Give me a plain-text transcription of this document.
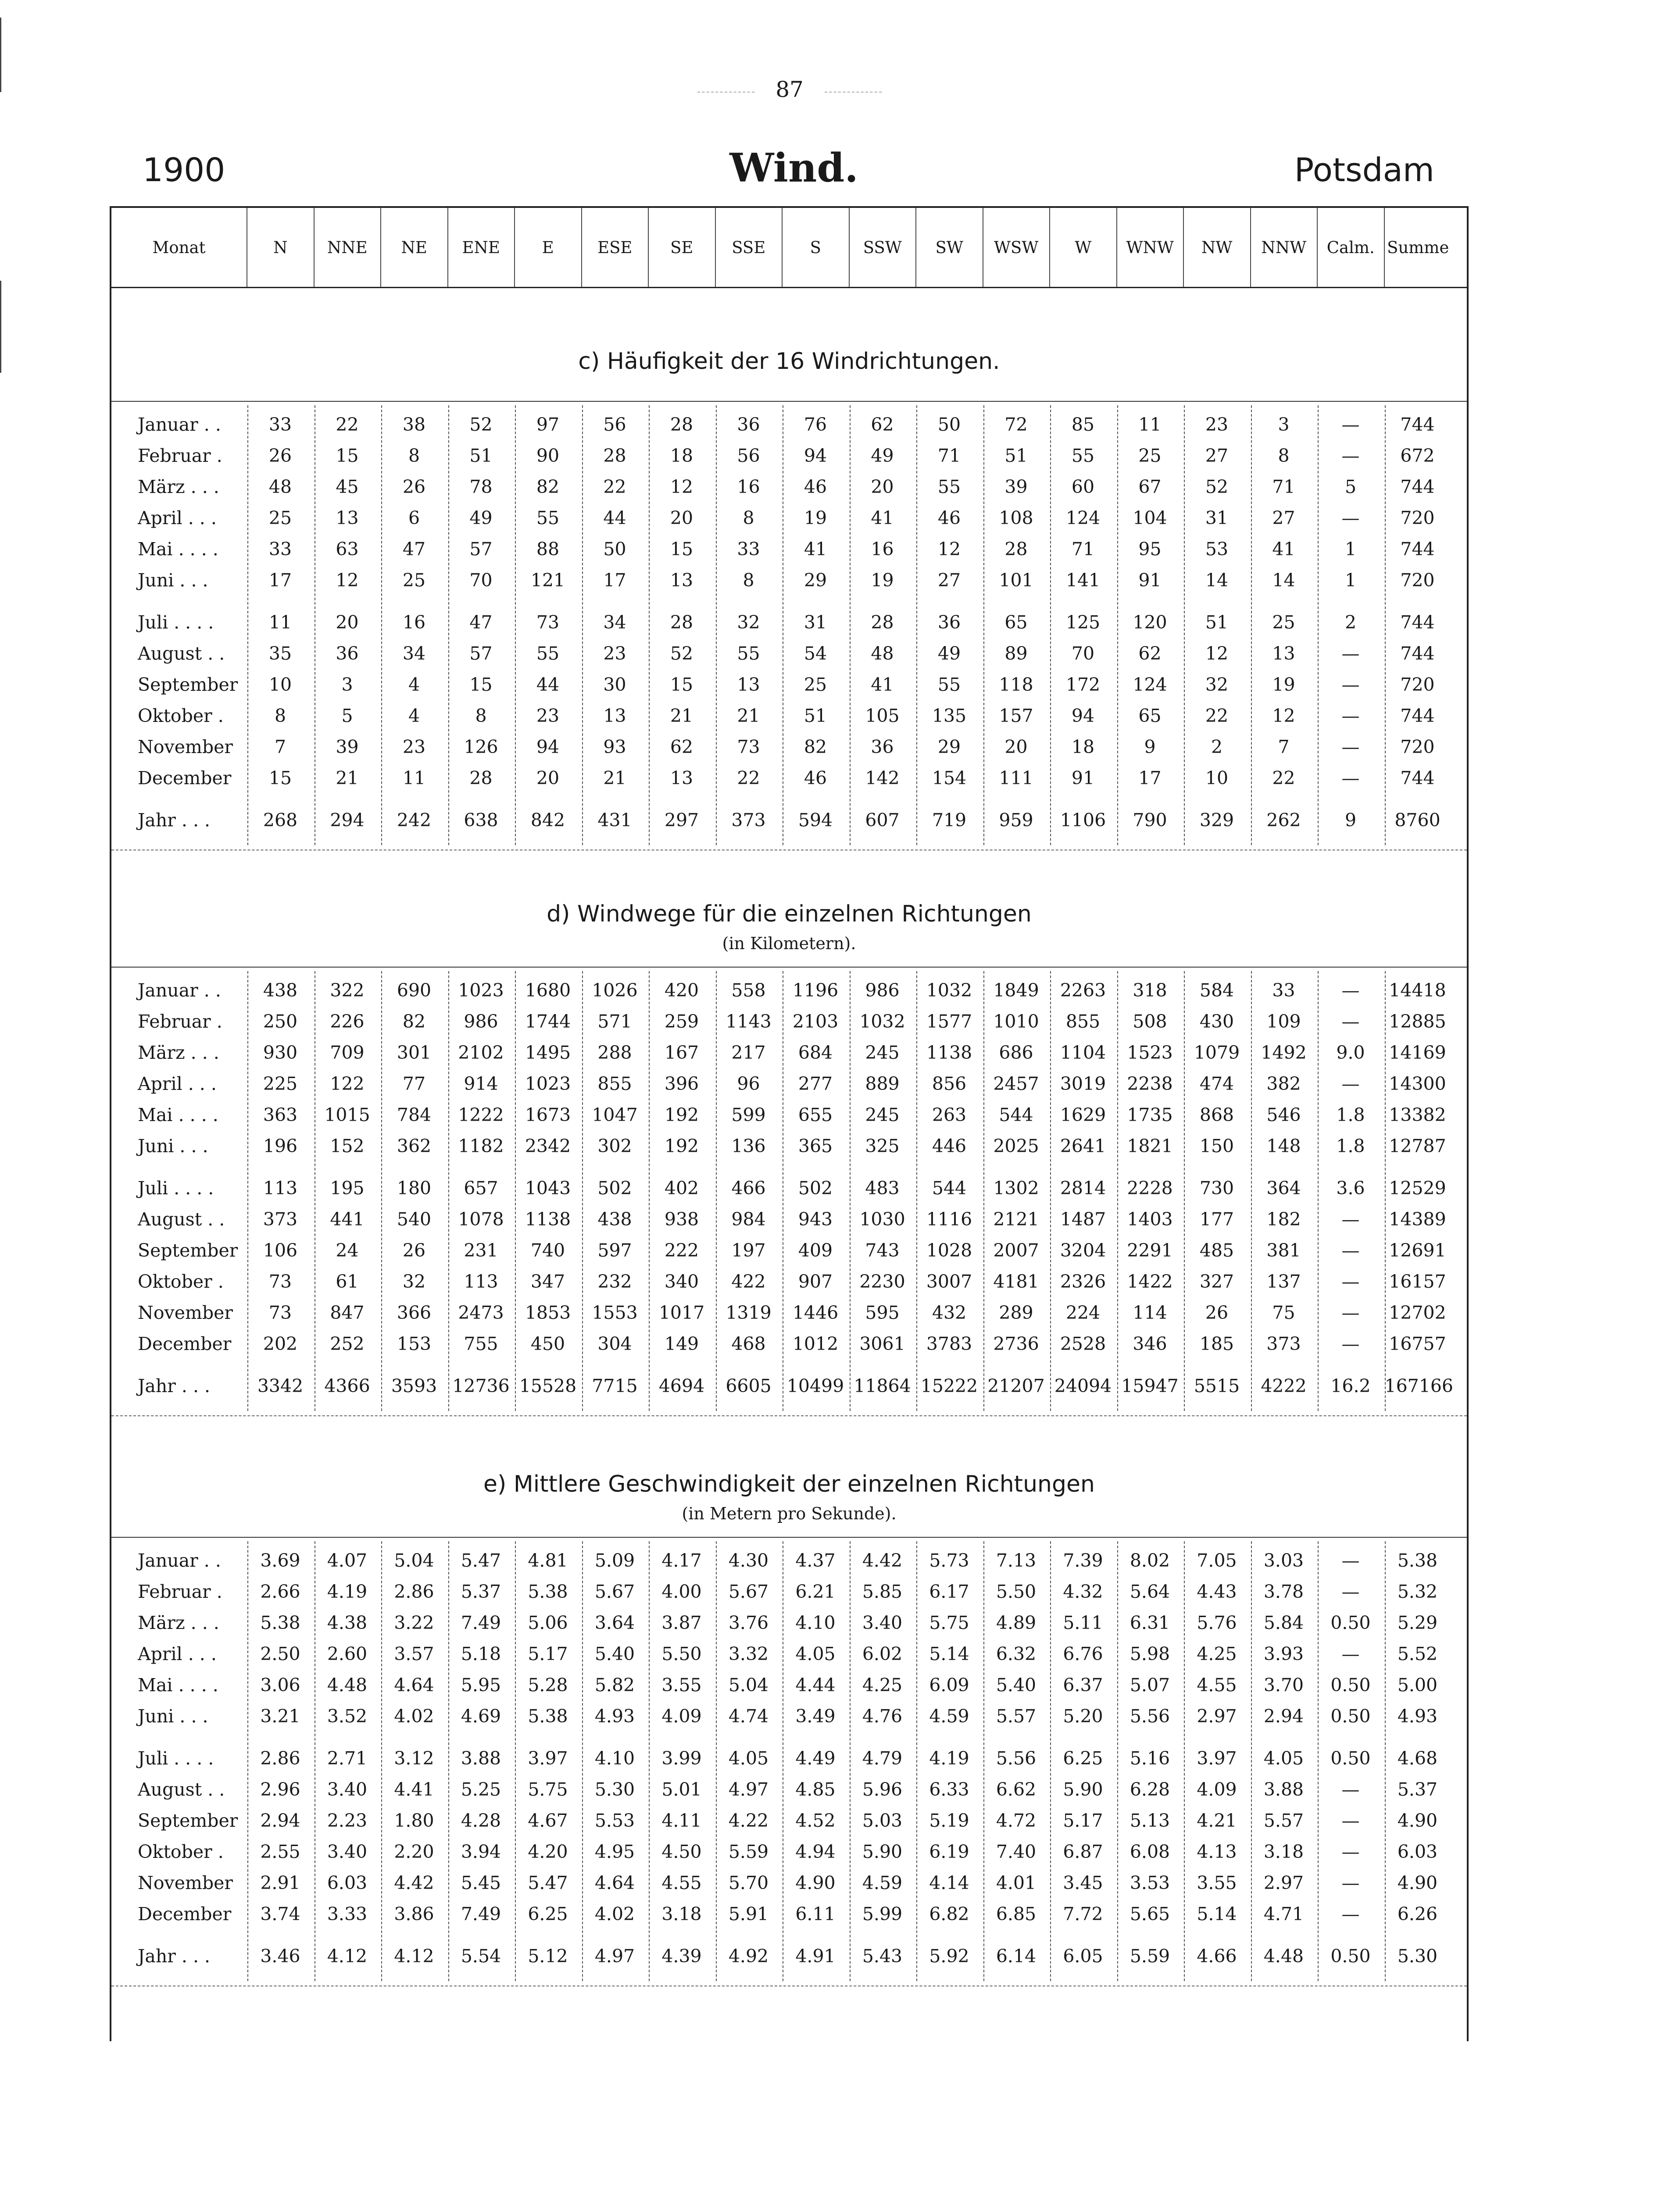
87
1900	Wind.	Potsdam
Monat	N	NNE	NE	ENE	E	ESE	SE	SSE	S	SSW	SW	WSW	W	WNW	NW	NNW	Calm. Summe
c) Häufigkeit der 16 Windrichtungen.
Januar . .	33	22	38	52	97	56	28	36	76	62	50	72	85	11	23	3	—	744
Februar .	26	15	8	51	90	28	18	56	94	49	71	51	55	25	27	8	—	672
März . . .	48	45	26	78	82	22	12	16	46	20	55	39	60	67	52	71	5	744
April . . .	25	13	6	49	55	44	20	8	19	41	46	108	124	104	31	27	—	720
Mai . . . .	33	63	47	57	88	50	15	33	41	16	12	28	71	95	53	41	1	744
Juni . . .	17	12	25	70	121	17	13	8	29	19	27	101	141	91	14	14	1	720
Juli . . . .	11	20	16	47	73	34	28	32	31	28	36	65	125	120	51	25	2	744
August . .	35	36	34	57	55	23	52	55	54	48	49	89	70	62	12	13	—	744
September	10	3	4	15	44	30	15	13	25	41	55	118	172	124	32	19	—	720
Oktober .	8	5	4	8	23	13	21	21	51	105	135	157	94	65	22	12	—	744
November	7	39	23	126	94	93	62	73	82	36	29	20	18	9	2	7	—	720
December	15	21	11	28	20	21	13	22	46	142	154	111	91	17	10	22	—	744
Jahr . . .	268	294	242	638	842	431	297	373	594	607	719	959	1106	790	329	262	9	8760
d) Windwege für die einzelnen Richtungen
(in Kilometern).
Januar . .	438	322	690	1023	1680	1026	420	558	1196	986	1032	1849	2263	318	584	33	—	14418
Februar .	250	226	82	986	1744	571	259	1143	2103	1032	1577	1010	855	508	430	109	—	12885
März . . .	930	709	301	2102	1495	288	167	217	684	245	1138	686	1104	1523	1079	1492	9.0	14169
April . . .	225	122	77	914	1023	855	396	96	277	889	856	2457	3019	2238	474	382	—	14300
Mai . . . .	363	1015	784	1222	1673	1047	192	599	655	245	263	544	1629	1735	868	546	1.8	13382
Juni . . .	196	152	362	1182	2342	302	192	136	365	325	446	2025	2641	1821	150	148	1.8	12787
Juli . . . .	113	195	180	657	1043	502	402	466	502	483	544	1302	2814	2228	730	364	3.6	12529
August . .	373	441	540	1078	1138	438	938	984	943	1030	1116	2121	1487	1403	177	182	—	14389
September	106	24	26	231	740	597	222	197	409	743	1028	2007	3204	2291	485	381	—	12691
Oktober .	73	61	32	113	347	232	340	422	907	2230	3007	4181	2326	1422	327	137	—	16157
November	73	847	366	2473	1853	1553	1017	1319	1446	595	432	289	224	114	26	75	—	12702
December	202	252	153	755	450	304	149	468	1012	3061	3783	2736	2528	346	185	373	—	16757
Jahr . . .	3342	4366	3593 12736 15528 7715	4694	6605 10499 11864 15222 21207 24094 15947 5515	4222	16.2 167166
e) Mittlere Geschwindigkeit der einzelnen Richtungen
(in Metern pro Sekunde).
Januar . .	3.69	4.07	5.04	5.47	4.81	5.09	4.17	4.30	4.37	4.42	5.73	7.13	7.39	8.02	7.05	3.03	—	5.38
Februar .	2.66	4.19	2.86	5.37	5.38	5.67	4.00	5.67	6.21	5.85	6.17	5.50	4.32	5.64	4.43	3.78	—	5.32
März . . .	5.38	4.38	3.22	7.49	5.06	3.64	3.87	3.76	4.10	3.40	5.75	4.89	5.11	6.31	5.76	5.84	0.50	5.29
April . . .	2.50	2.60	3.57	5.18	5.17	5.40	5.50	3.32	4.05	6.02	5.14	6.32	6.76	5.98	4.25	3.93	—	5.52
Mai . . . .	3.06	4.48	4.64	5.95	5.28	5.82	3.55	5.04	4.44	4.25	6.09	5.40	6.37	5.07	4.55	3.70	0.50	5.00
Juni . . .	3.21	3.52	4.02	4.69	5.38	4.93	4.09	4.74	3.49	4.76	4.59	5.57	5.20	5.56	2.97	2.94	0.50	4.93
Juli . . . .	2.86	2.71	3.12	3.88	3.97	4.10	3.99	4.05	4.49	4.79	4.19	5.56	6.25	5.16	3.97	4.05	0.50	4.68
August . .	2.96	3.40	4.41	5.25	5.75	5.30	5.01	4.97	4.85	5.96	6.33	6.62	5.90	6.28	4.09	3.88	—	5.37
September	2.94	2.23	1.80	4.28	4.67	5.53	4.11	4.22	4.52	5.03	5.19	4.72	5.17	5.13	4.21	5.57	—	4.90
Oktober .	2.55	3.40	2.20	3.94	4.20	4.95	4.50	5.59	4.94	5.90	6.19	7.40	6.87	6.08	4.13	3.18	—	6.03
November	2.91	6.03	4.42	5.45	5.47	4.64	4.55	5.70	4.90	4.59	4.14	4.01	3.45	3.53	3.55	2.97	—	4.90
December	3.74	3.33	3.86	7.49	6.25	4.02	3.18	5.91	6.11	5.99	6.82	6.85	7.72	5.65	5.14	4.71	—	6.26
Jahr . . .	3.46	4.12	4.12	5.54	5.12	4.97	4.39	4.92	4.91	5.43	5.92	6.14	6.05	5.59	4.66	4.48	0.50	5.30
